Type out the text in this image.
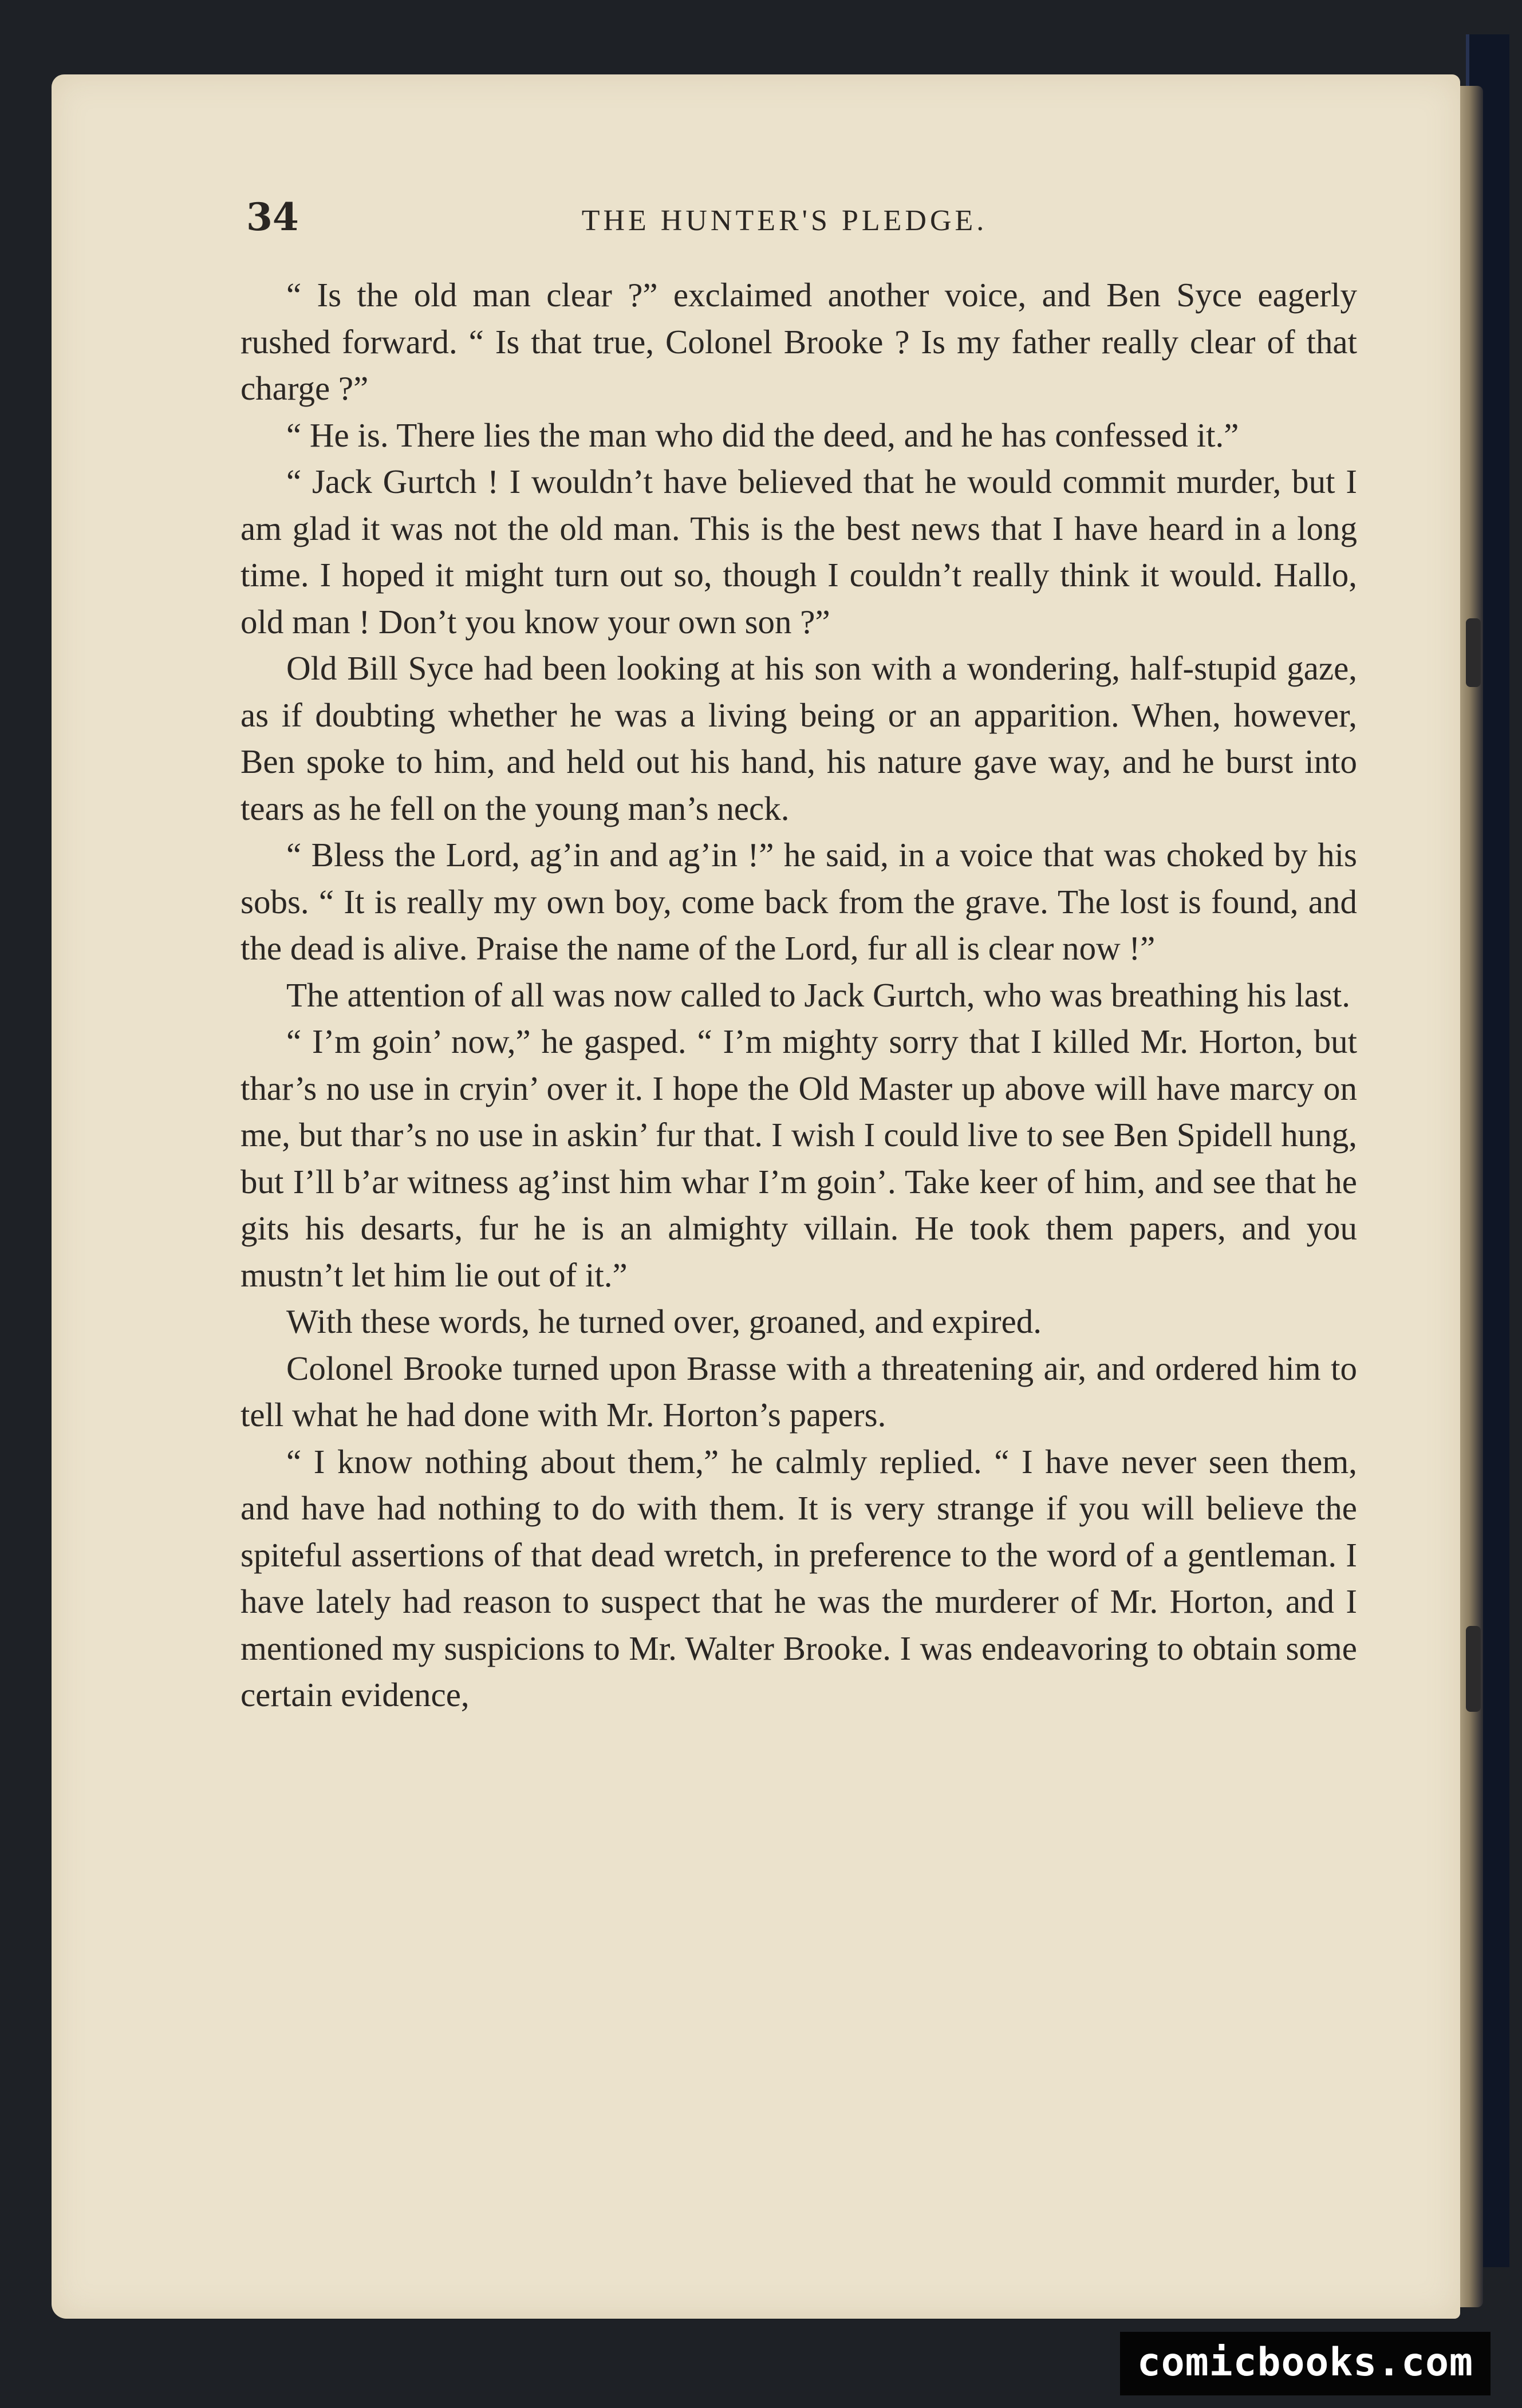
34	THE HUNTER'S PLEDGE.

“ Is the old man clear ?” exclaimed another voice, and Ben Syce eagerly rushed forward. “ Is that true, Colonel Brooke ? Is my father really clear of that charge ?”

“ He is. There lies the man who did the deed, and he has confessed it.”

“ Jack Gurtch ! I wouldn’t have believed that he would commit murder, but I am glad it was not the old man. This is the best news that I have heard in a long time. I hoped it might turn out so, though I couldn’t really think it would. Hallo, old man ! Don’t you know your own son ?”

Old Bill Syce had been looking at his son with a wondering, half-stupid gaze, as if doubting whether he was a living being or an apparition. When, however, Ben spoke to him, and held out his hand, his nature gave way, and he burst into tears as he fell on the young man’s neck.

“ Bless the Lord, ag’in and ag’in !” he said, in a voice that was choked by his sobs. “ It is really my own boy, come back from the grave. The lost is found, and the dead is alive. Praise the name of the Lord, fur all is clear now !”

The attention of all was now called to Jack Gurtch, who was breathing his last.

“ I’m goin’ now,” he gasped. “ I’m mighty sorry that I killed Mr. Horton, but thar’s no use in cryin’ over it. I hope the Old Master up above will have marcy on me, but thar’s no use in askin’ fur that. I wish I could live to see Ben Spidell hung, but I’ll b’ar witness ag’inst him whar I’m goin’. Take keer of him, and see that he gits his desarts, fur he is an almighty villain. He took them papers, and you mustn’t let him lie out of it.”

With these words, he turned over, groaned, and expired.

Colonel Brooke turned upon Brasse with a threatening air, and ordered him to tell what he had done with Mr. Horton’s papers.

“ I know nothing about them,” he calmly replied. “ I have never seen them, and have had nothing to do with them. It is very strange if you will believe the spiteful assertions of that dead wretch, in preference to the word of a gentleman. I have lately had reason to suspect that he was the murderer of Mr. Horton, and I mentioned my suspicions to Mr. Walter Brooke. I was endeavoring to obtain some certain evidence,

comicbooks.com
